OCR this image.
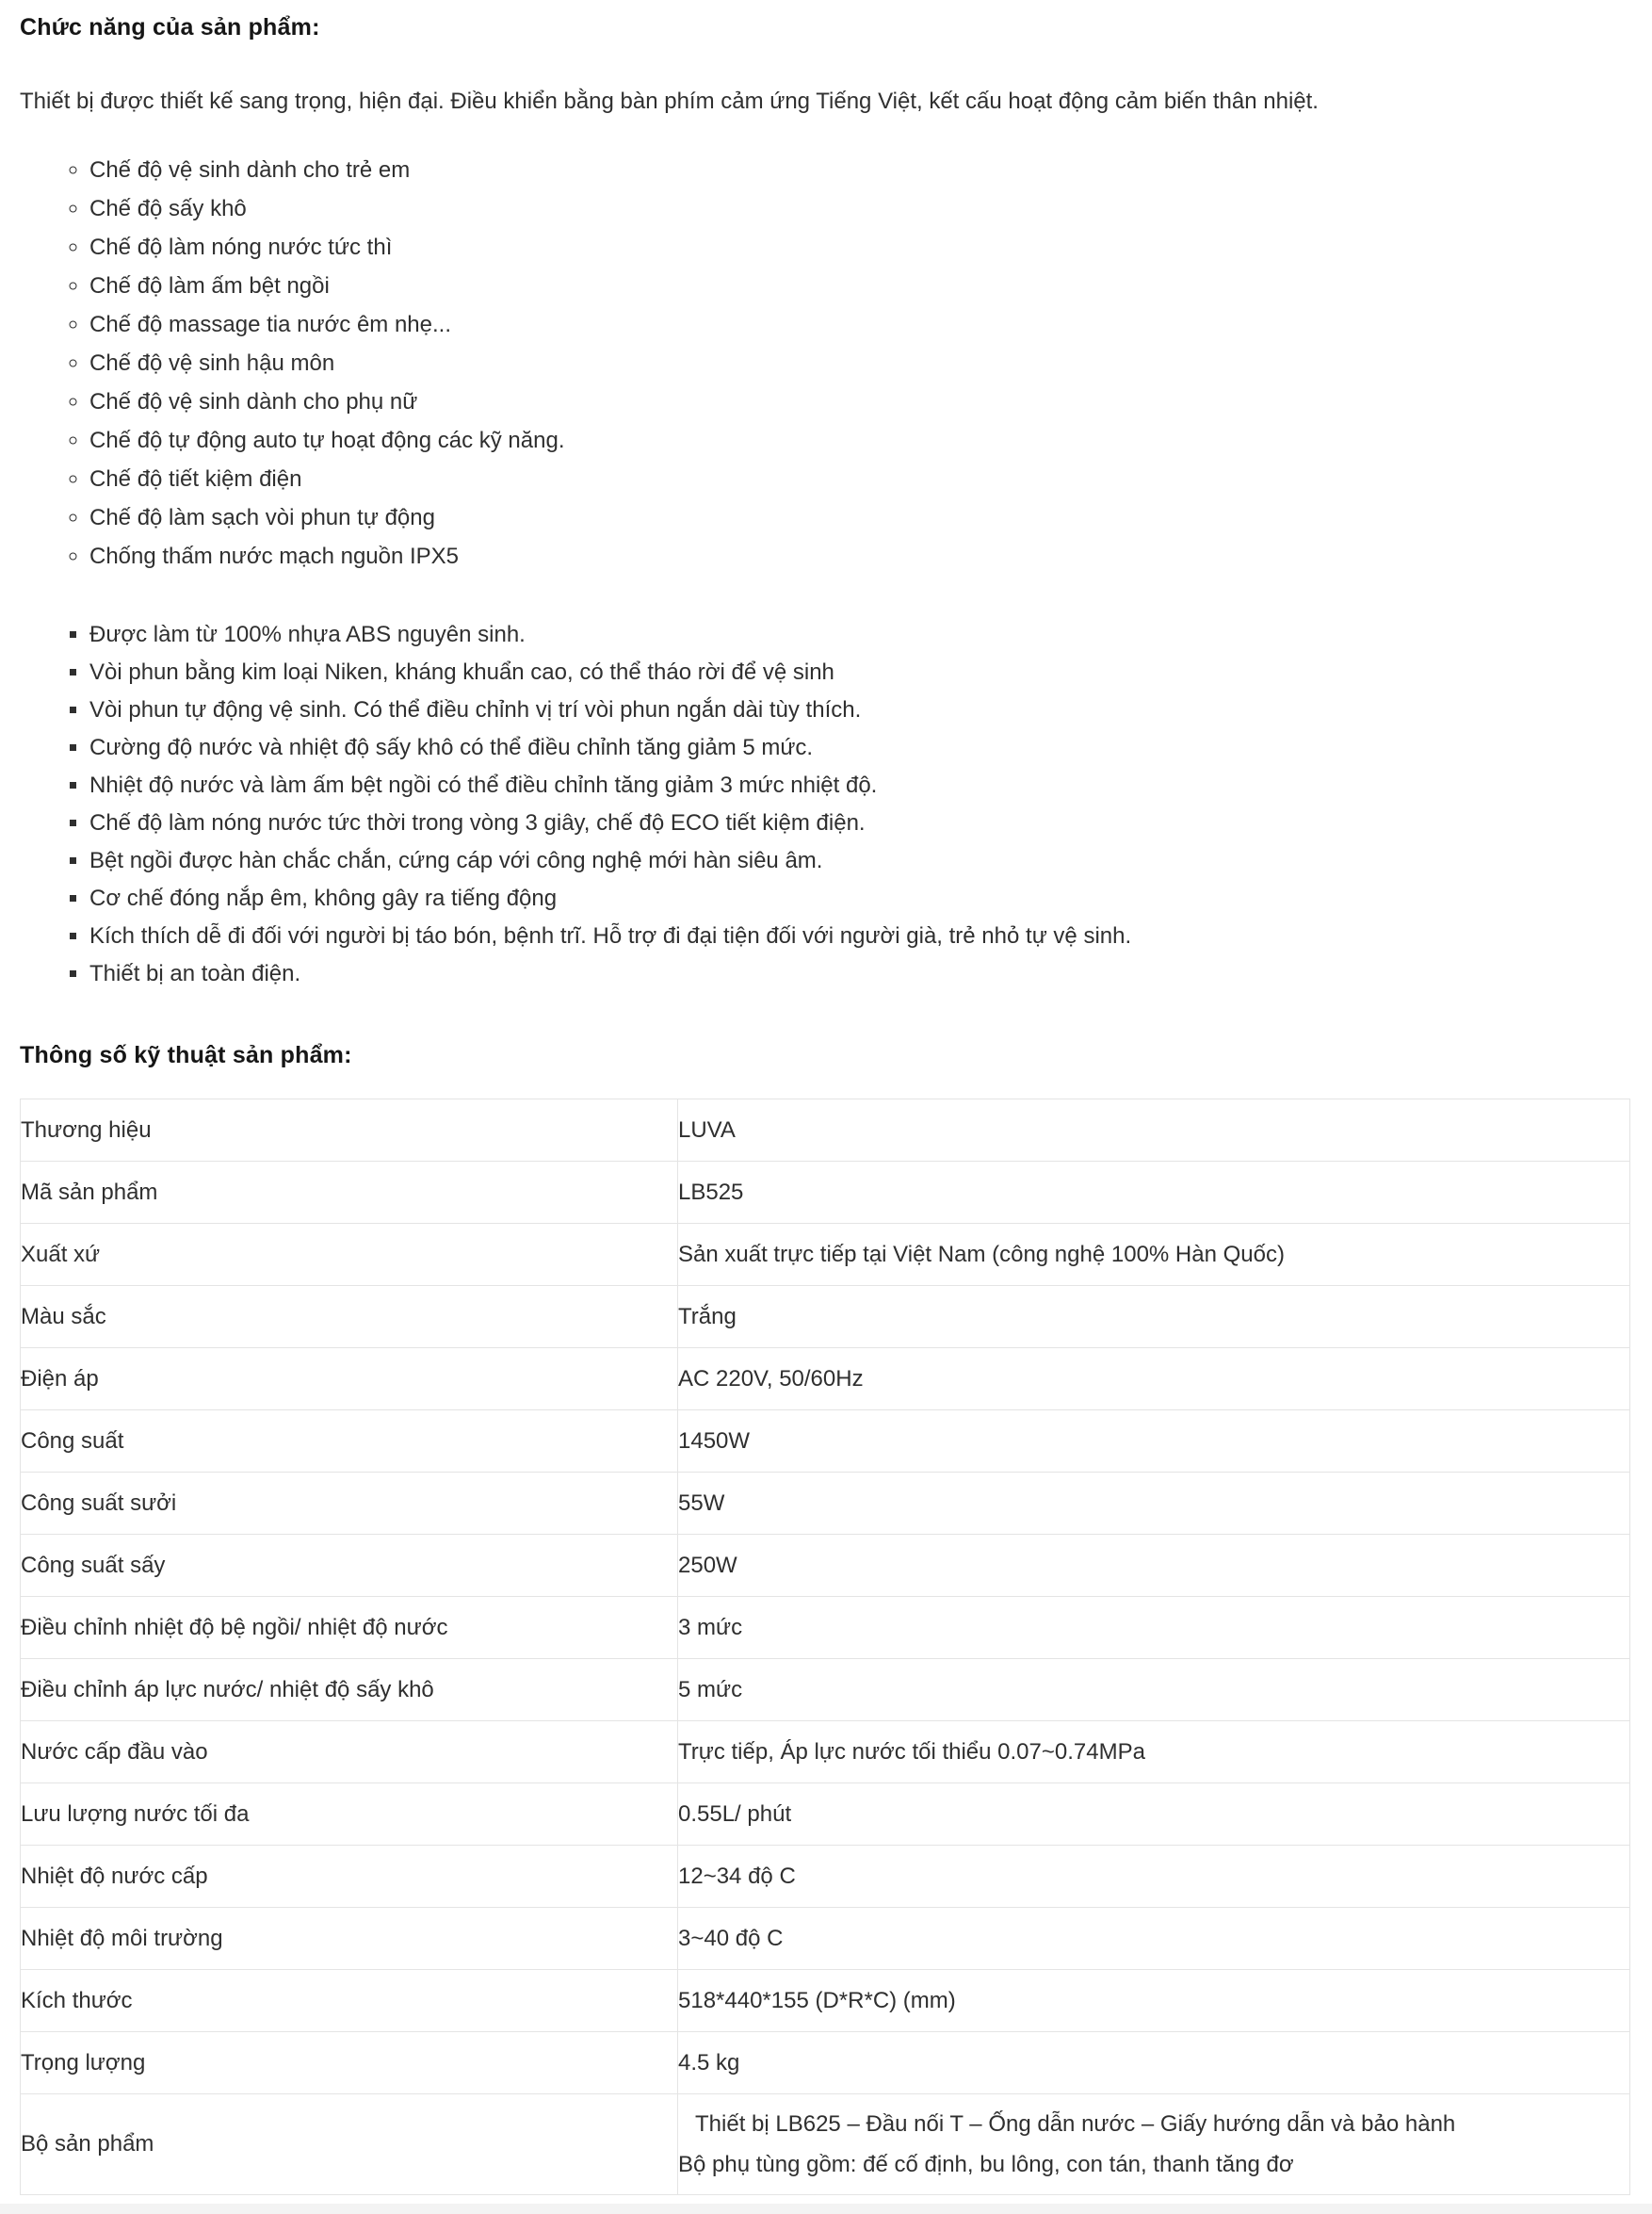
Chức năng của sản phẩm:

Thiết bị được thiết kế sang trọng, hiện đại. Điều khiển bằng bàn phím cảm ứng Tiếng Việt, kết cấu hoạt động cảm biến thân nhiệt.

◦ Chế độ vệ sinh dành cho trẻ em
◦ Chế độ sấy khô
◦ Chế độ làm nóng nước tức thì
◦ Chế độ làm ấm bệt ngồi
◦ Chế độ massage tia nước êm nhẹ...
◦ Chế độ vệ sinh hậu môn
◦ Chế độ vệ sinh dành cho phụ nữ
◦ Chế độ tự động auto tự hoạt động các kỹ năng.
◦ Chế độ tiết kiệm điện
◦ Chế độ làm sạch vòi phun tự động
◦ Chống thấm nước mạch nguồn IPX5
▪ Được làm từ 100% nhựa ABS nguyên sinh.
▪ Vòi phun bằng kim loại Niken, kháng khuẩn cao, có thể tháo rời để vệ sinh
▪ Vòi phun tự động vệ sinh. Có thể điều chỉnh vị trí vòi phun ngắn dài tùy thích.
▪ Cường độ nước và nhiệt độ sấy khô có thể điều chỉnh tăng giảm 5 mức.
▪ Nhiệt độ nước và làm ấm bệt ngồi có thể điều chỉnh tăng giảm 3 mức nhiệt độ.
▪ Chế độ làm nóng nước tức thời trong vòng 3 giây, chế độ ECO tiết kiệm điện.
▪ Bệt ngồi được hàn chắc chắn, cứng cáp với công nghệ mới hàn siêu âm.
▪ Cơ chế đóng nắp êm, không gây ra tiếng động
▪ Kích thích dễ đi đối với người bị táo bón, bệnh trĩ. Hỗ trợ đi đại tiện đối với người già, trẻ nhỏ tự vệ sinh.
▪ Thiết bị an toàn điện.
Thông số kỹ thuật sản phẩm:
Thương hiệu	LUVA
Mã sản phẩm	LB525
Xuất xứ	Sản xuất trực tiếp tại Việt Nam (công nghệ 100% Hàn Quốc)
Màu sắc	Trắng
Điện áp	AC 220V, 50/60Hz
Công suất	1450W
Công suất sưởi	55W
Công suất sấy	250W
Điều chỉnh nhiệt độ bệ ngồi/ nhiệt độ nước	3 mức
Điều chỉnh áp lực nước/ nhiệt độ sấy khô	5 mức
Nước cấp đầu vào	Trực tiếp, Áp lực nước tối thiểu 0.07~0.74MPa
Lưu lượng nước tối đa	0.55L/ phút
Nhiệt độ nước cấp	12~34 độ C
Nhiệt độ môi trường	3~40 độ C
Kích thước	518*440*155 (D*R*C) (mm)
Trọng lượng	4.5 kg
Bộ sản phẩm	Thiết bị LB625 – Đầu nối T – Ống dẫn nước – Giấy hướng dẫn và bảo hành
Bộ phụ tùng gồm: đế cố định, bu lông, con tán, thanh tăng đơ
